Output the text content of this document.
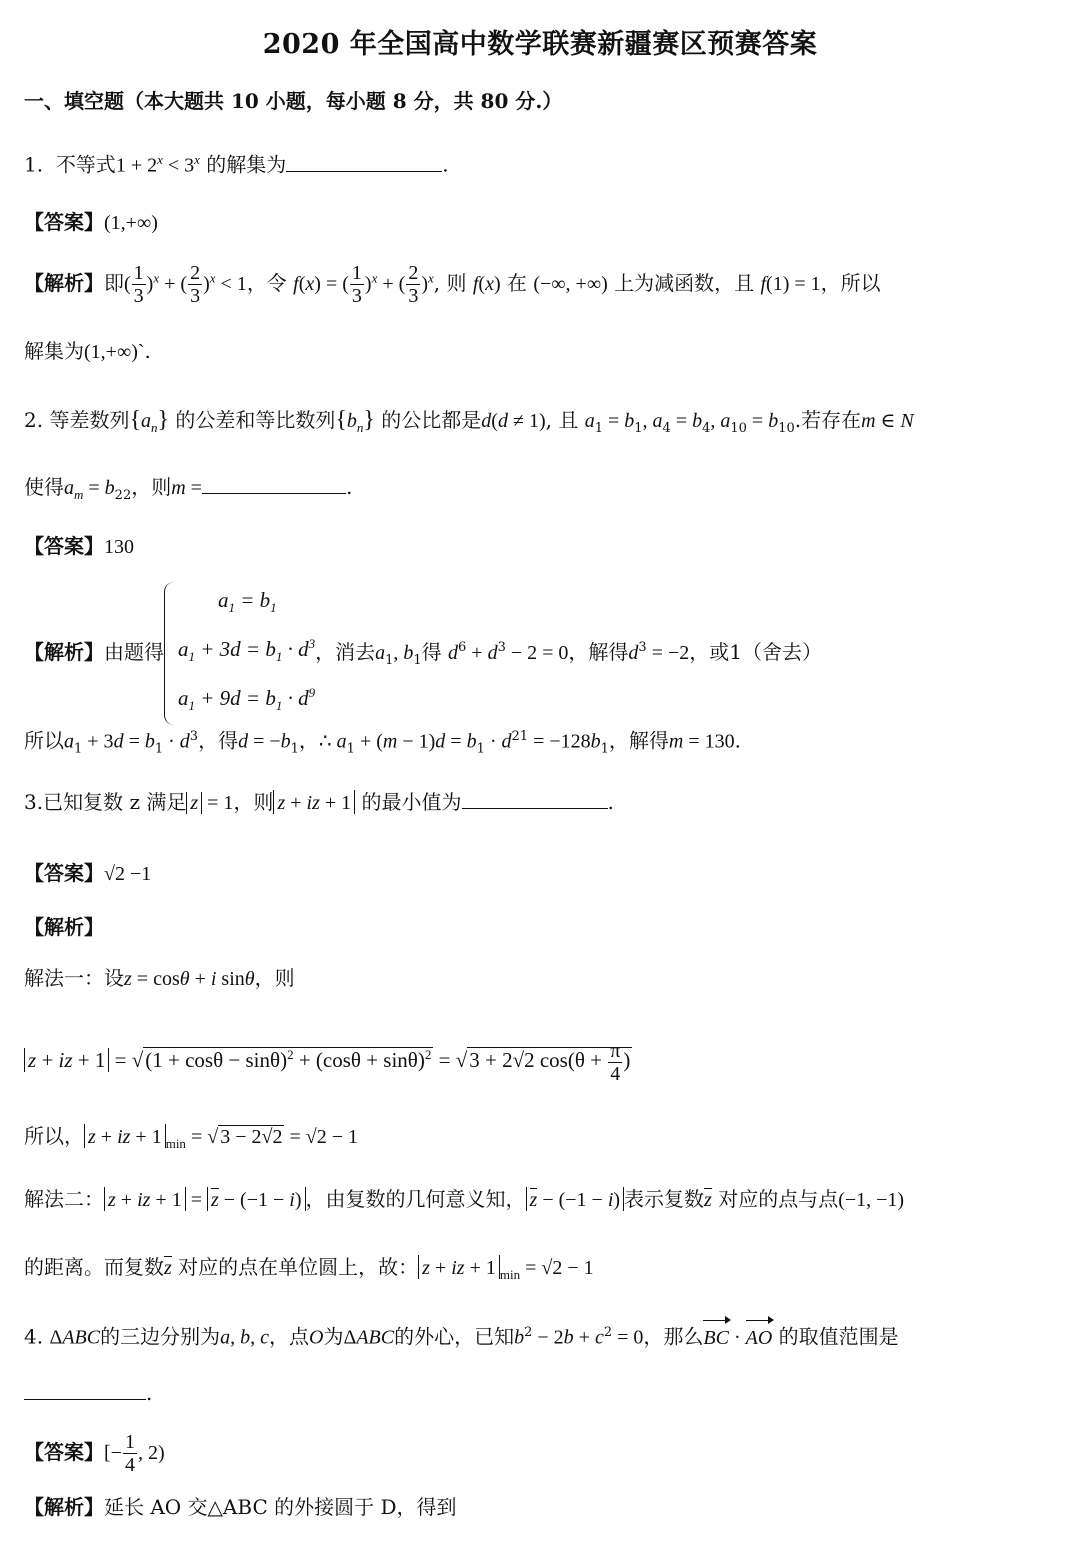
2020 年全国高中数学联赛新疆赛区预赛答案
一、填空题（本大题共 10 小题，每小题 8 分，共 80 分.）
1. 不等式$1 + 2^x < 3^x$ 的解集为	.
【答案】(1,+∞)
【解析】即( $\frac{1}{3} )^x$ + ( $\frac{2}{3} )^x < 1$，令 f(x) = ( $\frac{1}{3} )^x$ + ( $\frac{2}{3} )^x$, 则 f(x) 在 (−∞, +∞) 上为减函数，且 f(1) = 1，所以
解集为(1,+∞)`.
2. 等差数列$\{a_n\}$ 的公差和等比数列$\{b_n\}$ 的公比都是d(d ≠ 1), 且 $a_1 = b_1$, $a_4 = b_4$, $a_{10} = b_{10}$.若存在m ∈ N
使得$a_m = b_{22}$，则m =	.
【答案】130
【解析】由题得
$a_1 = b_1$
$a_1 + 3d = b_1 \cdot d^3$
$a_1 + 9d = b_1 \cdot d^9$
，消去$a_1$, $b_1$得 $d^6 + d^3 - 2 = 0$，解得$d^3 = -2$，或1（舍去）
所以$a_1 + 3d = b_1 \cdot d^3$，得$d = -b_1$，∴ $a_1 + (m - 1)d = b_1 \cdot d^{21} = -128b_1$，解得m = 130.
3.已知复数 z 满足 z = 1，则 z + iz + 1 的最小值为	.
【答案】√2 −1
【解析】
解法一：设z = cosθ + i sinθ，则
z + iz + $1 = √(1 + \cos\theta - \sin\theta)^2 + (\cos\theta + \sin\theta)^2 = √3 + 2√2$ $\cos(\theta + \frac{\pi}{4}$ )
所以， z + iz + 1 $_{min}$ = √ 3 − 2√2 = √2 − 1
解法二： z + iz + 1 = z − (−1 − i) ，由复数的几何意义知， z − (−1 − i) 表示复数z 对应的点与点(−1, −1)
的距离。而复数z 对应的点在单位圆上，故： z + iz + 1 $_{min}$ = √2 − 1
4. ΔABC的三边分别为a, b, c，点O为ΔABC的外心，已知$b^2 - 2b + c^2 = 0$，那么BC · AO 的取值范围是
.
【答案】[− $\frac{1}{4}$ , 2)
【解析】延长 AO 交△ABC 的外接圆于 D，得到
